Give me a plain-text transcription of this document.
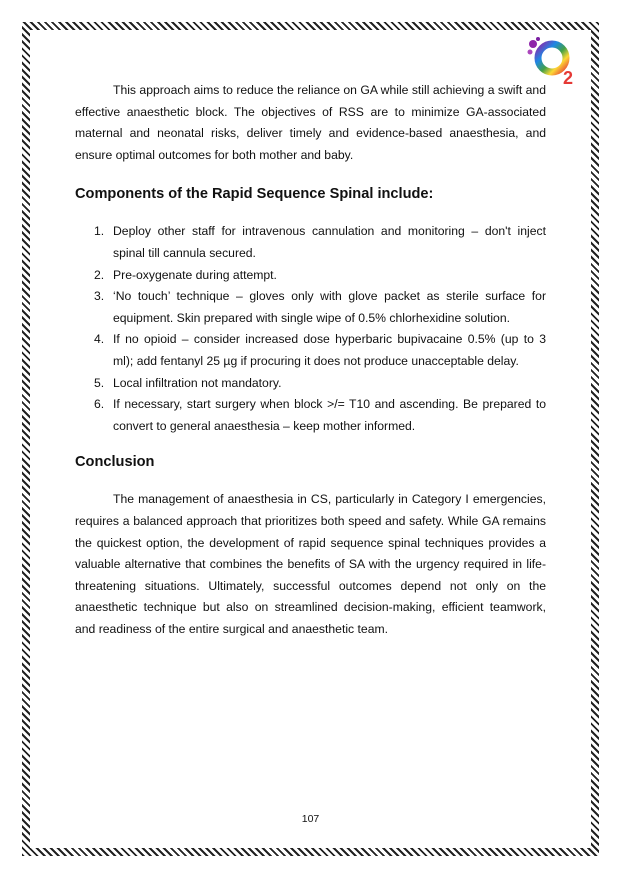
2

This approach aims to reduce the reliance on GA while still achieving a swift and effective anaesthetic block. The objectives of RSS are to minimize GA-associated maternal and neonatal risks, deliver timely and evidence-based anaesthesia, and ensure optimal outcomes for both mother and baby.

Components of the Rapid Sequence Spinal include:
1. Deploy other staff for intravenous cannulation and monitoring – don't inject spinal till cannula secured.
2. Pre-oxygenate during attempt.
3. ‘No touch’ technique – gloves only with glove packet as sterile surface for equipment. Skin prepared with single wipe of 0.5% chlorhexidine solution.
4. If no opioid – consider increased dose hyperbaric bupivacaine 0.5% (up to 3 ml); add fentanyl 25 µg if procuring it does not produce unacceptable delay.
5. Local infiltration not mandatory.
6. If necessary, start surgery when block >/= T10 and ascending. Be prepared to convert to general anaesthesia – keep mother informed.
Conclusion

The management of anaesthesia in CS, particularly in Category I emergencies, requires a balanced approach that prioritizes both speed and safety. While GA remains the quickest option, the development of rapid sequence spinal techniques provides a valuable alternative that combines the benefits of SA with the urgency required in life-threatening situations. Ultimately, successful outcomes depend not only on the anaesthetic technique but also on streamlined decision-making, efficient teamwork, and readiness of the entire surgical and anaesthetic team.

107
